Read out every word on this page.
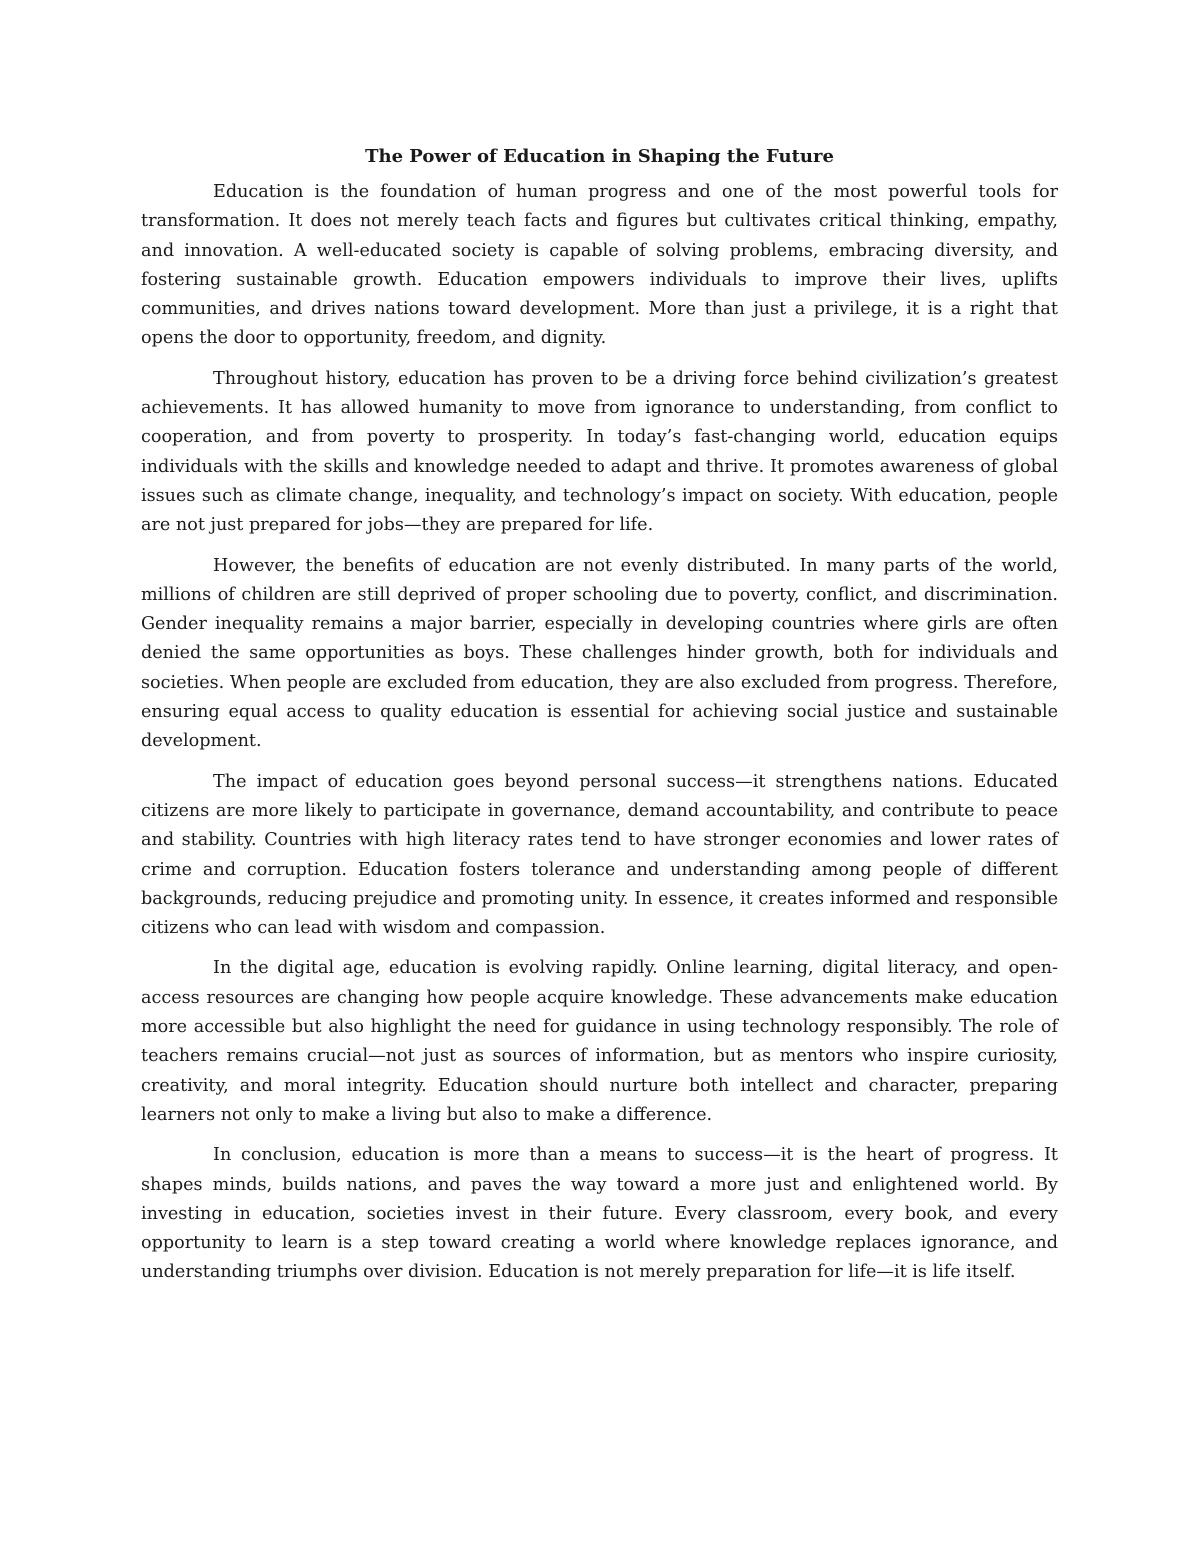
The Power of Education in Shaping the Future

Education is the foundation of human progress and one of the most powerful tools for transformation. It does not merely teach facts and figures but cultivates critical thinking, empathy, and innovation. A well-educated society is capable of solving problems, embracing diversity, and fostering sustainable growth. Education empowers individuals to improve their lives, uplifts communities, and drives nations toward development. More than just a privilege, it is a right that opens the door to opportunity, freedom, and dignity.

Throughout history, education has proven to be a driving force behind civilization’s greatest achievements. It has allowed humanity to move from ignorance to understanding, from conflict to cooperation, and from poverty to prosperity. In today’s fast-changing world, education equips individuals with the skills and knowledge needed to adapt and thrive. It promotes awareness of global issues such as climate change, inequality, and technology’s impact on society. With education, people are not just prepared for jobs—they are prepared for life.

However, the benefits of education are not evenly distributed. In many parts of the world, millions of children are still deprived of proper schooling due to poverty, conflict, and discrimination. Gender inequality remains a major barrier, especially in developing countries where girls are often denied the same opportunities as boys. These challenges hinder growth, both for individuals and societies. When people are excluded from education, they are also excluded from progress. Therefore, ensuring equal access to quality education is essential for achieving social justice and sustainable development.

The impact of education goes beyond personal success—it strengthens nations. Educated citizens are more likely to participate in governance, demand accountability, and contribute to peace and stability. Countries with high literacy rates tend to have stronger economies and lower rates of crime and corruption. Education fosters tolerance and understanding among people of different backgrounds, reducing prejudice and promoting unity. In essence, it creates informed and responsible citizens who can lead with wisdom and compassion.

In the digital age, education is evolving rapidly. Online learning, digital literacy, and open-access resources are changing how people acquire knowledge. These advancements make education more accessible but also highlight the need for guidance in using technology responsibly. The role of teachers remains crucial—not just as sources of information, but as mentors who inspire curiosity, creativity, and moral integrity. Education should nurture both intellect and character, preparing learners not only to make a living but also to make a difference.

In conclusion, education is more than a means to success—it is the heart of progress. It shapes minds, builds nations, and paves the way toward a more just and enlightened world. By investing in education, societies invest in their future. Every classroom, every book, and every opportunity to learn is a step toward creating a world where knowledge replaces ignorance, and understanding triumphs over division. Education is not merely preparation for life—it is life itself.
